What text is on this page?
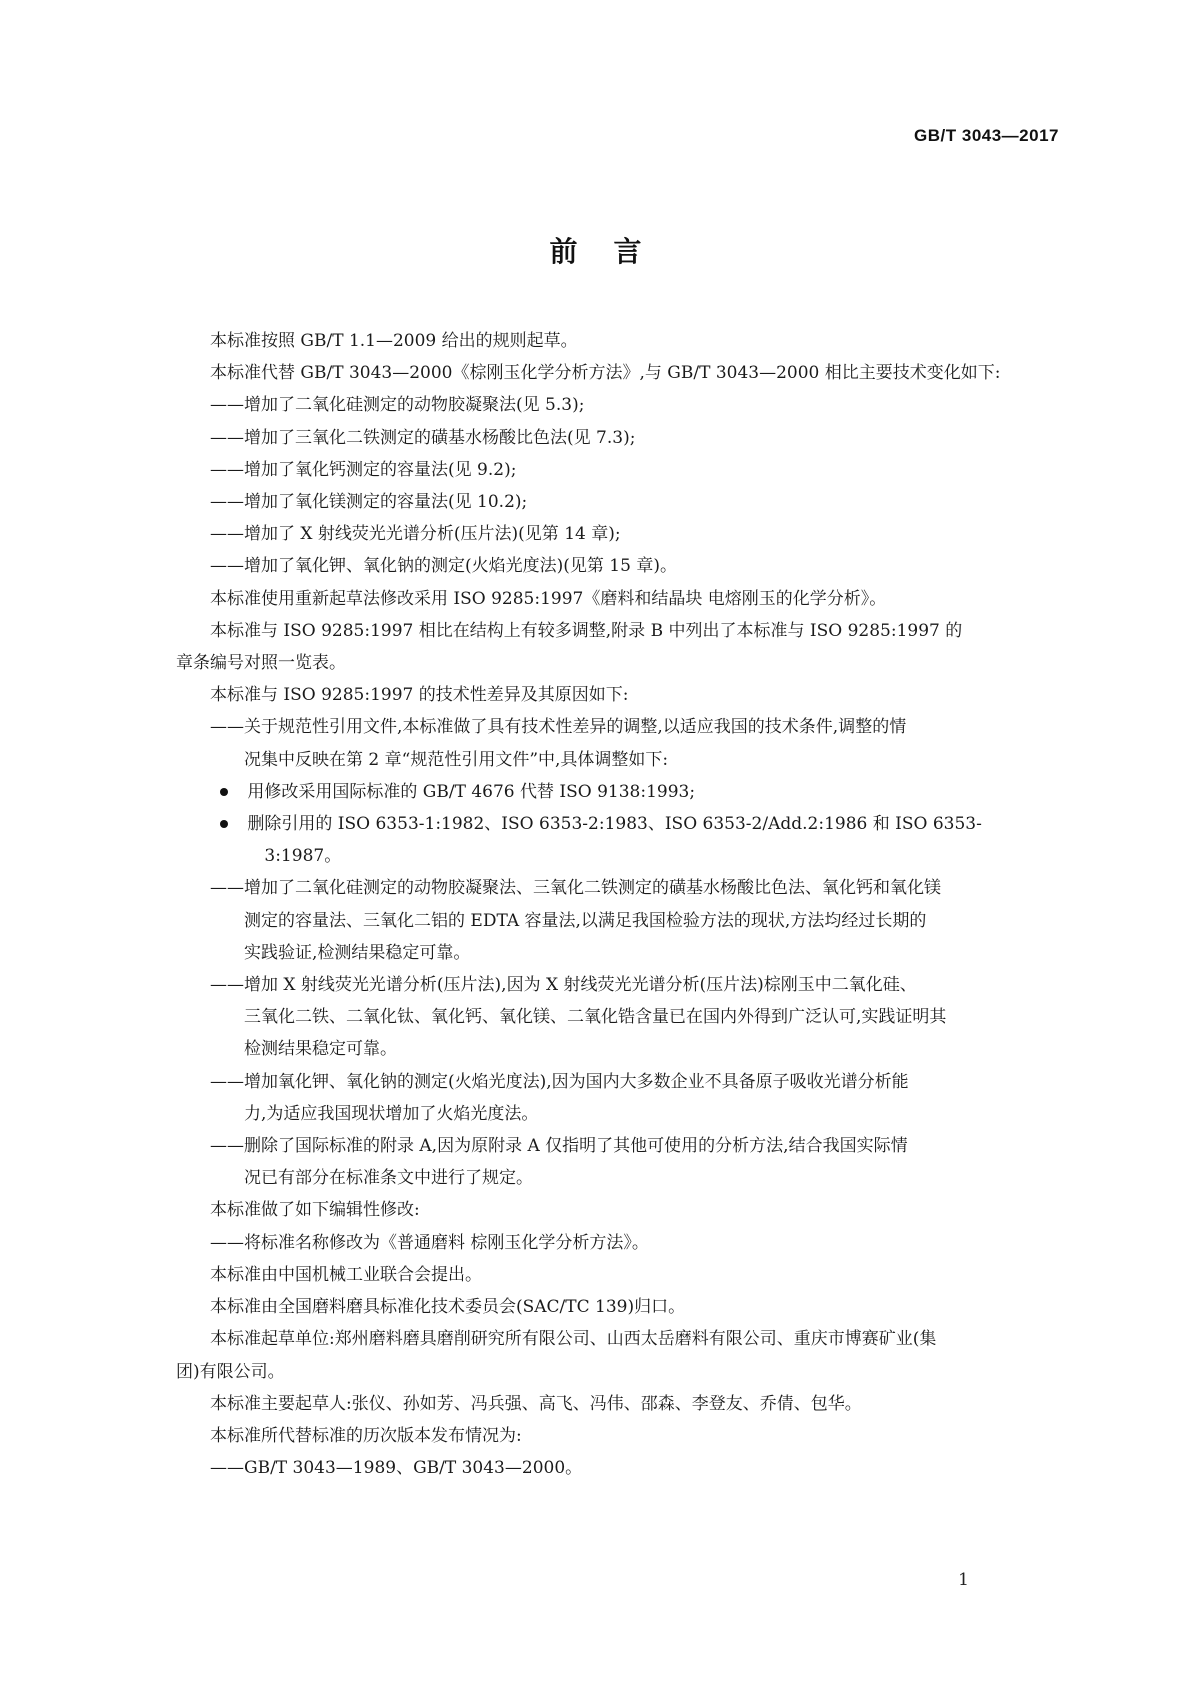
GB/T 3043—2017
前言
本标准按照 GB/T 1.1—2009 给出的规则起草。
本标准代替 GB/T 3043—2000《棕刚玉化学分析方法》,与 GB/T 3043—2000 相比主要技术变化如下:
——增加了二氧化硅测定的动物胶凝聚法(见 5.3);
——增加了三氧化二铁测定的磺基水杨酸比色法(见 7.3);
——增加了氧化钙测定的容量法(见 9.2);
——增加了氧化镁测定的容量法(见 10.2);
——增加了 X 射线荧光光谱分析(压片法)(见第 14 章);
——增加了氧化钾、氧化钠的测定(火焰光度法)(见第 15 章)。
本标准使用重新起草法修改采用 ISO 9285:1997《磨料和结晶块 电熔刚玉的化学分析》。
本标准与 ISO 9285:1997 相比在结构上有较多调整,附录 B 中列出了本标准与 ISO 9285:1997 的
章条编号对照一览表。
本标准与 ISO 9285:1997 的技术性差异及其原因如下:
——关于规范性引用文件,本标准做了具有技术性差异的调整,以适应我国的技术条件,调整的情
况集中反映在第 2 章“规范性引用文件”中,具体调整如下:
用修改采用国际标准的 GB/T 4676 代替 ISO 9138:1993;
删除引用的 ISO 6353-1:1982、ISO 6353-2:1983、ISO 6353-2/Add.2:1986 和 ISO 6353-
3:1987。
——增加了二氧化硅测定的动物胶凝聚法、三氧化二铁测定的磺基水杨酸比色法、氧化钙和氧化镁
测定的容量法、三氧化二铝的 EDTA 容量法,以满足我国检验方法的现状,方法均经过长期的
实践验证,检测结果稳定可靠。
——增加 X 射线荧光光谱分析(压片法),因为 X 射线荧光光谱分析(压片法)棕刚玉中二氧化硅、
三氧化二铁、二氧化钛、氧化钙、氧化镁、二氧化锆含量已在国内外得到广泛认可,实践证明其
检测结果稳定可靠。
——增加氧化钾、氧化钠的测定(火焰光度法),因为国内大多数企业不具备原子吸收光谱分析能
力,为适应我国现状增加了火焰光度法。
——删除了国际标准的附录 A,因为原附录 A 仅指明了其他可使用的分析方法,结合我国实际情
况已有部分在标准条文中进行了规定。
本标准做了如下编辑性修改:
——将标准名称修改为《普通磨料 棕刚玉化学分析方法》。
本标准由中国机械工业联合会提出。
本标准由全国磨料磨具标准化技术委员会(SAC/TC 139)归口。
本标准起草单位:郑州磨料磨具磨削研究所有限公司、山西太岳磨料有限公司、重庆市博赛矿业(集
团)有限公司。
本标准主要起草人:张仪、孙如芳、冯兵强、高飞、冯伟、邵森、李登友、乔倩、包华。
本标准所代替标准的历次版本发布情况为:
——GB/T 3043—1989、GB/T 3043—2000。
1
